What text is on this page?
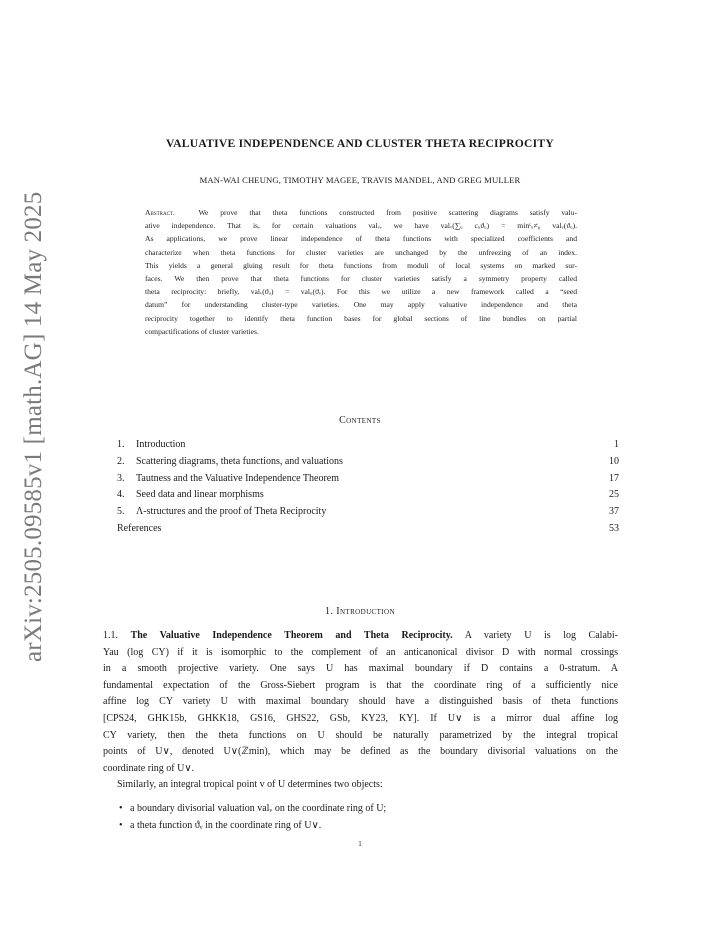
arXiv:2505.09585v1 [math.AG] 14 May 2025
VALUATIVE INDEPENDENCE AND CLUSTER THETA RECIPROCITY
MAN-WAI CHEUNG, TIMOTHY MAGEE, TRAVIS MANDEL, AND GREG MULLER
Abstract.	We prove that theta functions constructed from positive scattering diagrams satisfy valu-
ative independence. That is, for certain valuations valᵥ, we have valᵥ(∑ᵤ cᵤϑᵤ) = minᶜᵤ≠₀ valᵥ(ϑᵤ).
As applications, we prove linear independence of theta functions with specialized coefficients and
characterize when theta functions for cluster varieties are unchanged by the unfreezing of an index.
This yields a general gluing result for theta functions from moduli of local systems on marked sur-
faces. We then prove that theta functions for cluster varieties satisfy a symmetry property called
theta reciprocity: briefly, valᵥ(ϑᵤ) = valᵤ(ϑᵥ). For this we utilize a new framework called a “seed
datum” for understanding cluster-type varieties. One may apply valuative independence and theta
reciprocity together to identify theta function bases for global sections of line bundles on partial
compactifications of cluster varieties.
Contents
1. Introduction	1
2. Scattering diagrams, theta functions, and valuations	10
3. Tautness and the Valuative Independence Theorem	17
4. Seed data and linear morphisms	25
5. Λ-structures and the proof of Theta Reciprocity	37
References	53
1. Introduction
1.1. The Valuative Independence Theorem and Theta Reciprocity. A variety U is log Calabi-
Yau (log CY) if it is isomorphic to the complement of an anticanonical divisor D with normal crossings
in a smooth projective variety. One says U has maximal boundary if D contains a 0-stratum. A
fundamental expectation of the Gross-Siebert program is that the coordinate ring of a sufficiently nice
affine log CY variety U with maximal boundary should have a distinguished basis of theta functions
[CPS24, GHK15b, GHKK18, GS16, GHS22, GSb, KY23, KY]. If U∨ is a mirror dual affine log
CY variety, then the theta functions on U should be naturally parametrized by the integral tropical
points of U∨, denoted U∨(ℤmin), which may be defined as the boundary divisorial valuations on the
coordinate ring of U∨.
Similarly, an integral tropical point v of U determines two objects:
• a boundary divisorial valuation valᵥ on the coordinate ring of U;
• a theta function ϑᵥ in the coordinate ring of U∨.
1
